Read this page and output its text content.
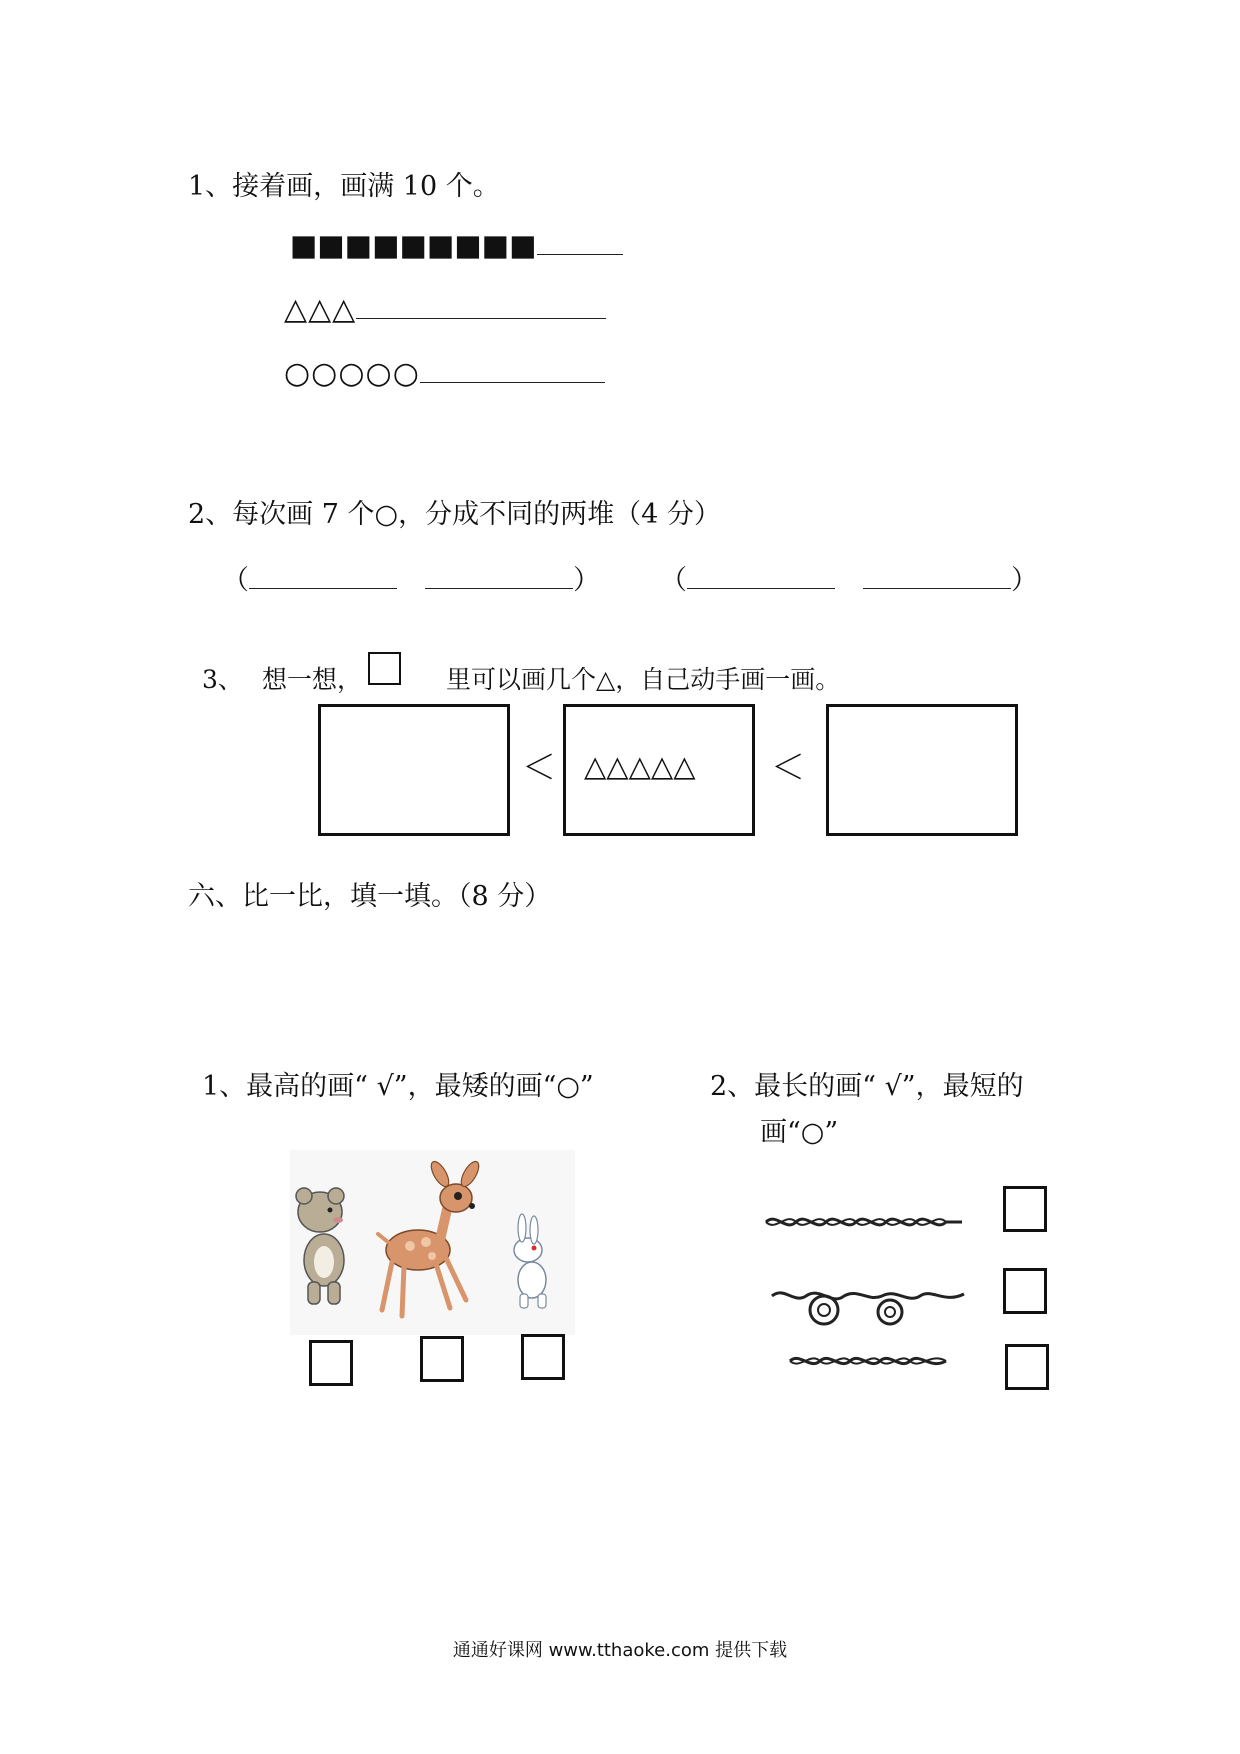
1、接着画，画满 10 个。
■■■■■■■■■
△△△
○○○○○
2、每次画 7 个○，分成不同的两堆（4 分）
（	） （	）
3、 想一想，	里可以画几个△，自己动手画一画。
＜ △△△△△ ＜
六、比一比，填一填。（8 分）
1、最高的画“ √”，最矮的画“○”	2、最长的画“ √”，最短的
画“○”
通通好课网 www.tthaoke.com 提供下载
